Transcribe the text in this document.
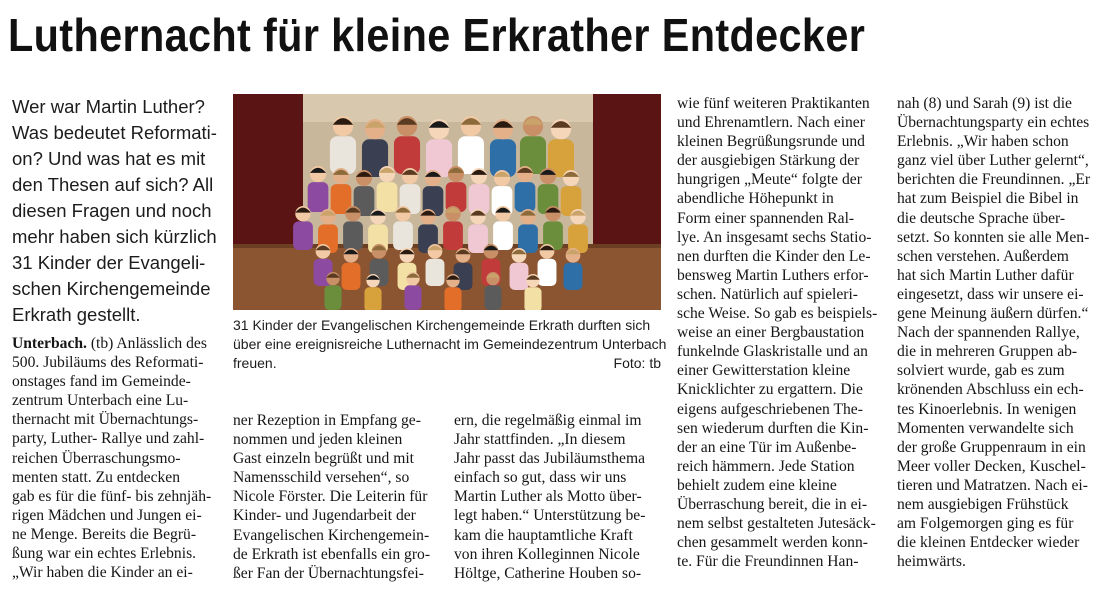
Luthernacht für kleine Erkrather Entdecker
Wer war Martin Luther?
Was bedeutet Reformati-
on? Und was hat es mit
den Thesen auf sich? All
diesen Fragen und noch
mehr haben sich kürzlich
31 Kinder der Evangeli-
schen Kirchengemeinde
Erkrath gestellt.	31 Kinder der Evangelischen Kirchengemeinde Erkrath durften sich
über eine ereignisreiche Luthernacht im Gemeindezentrum Unterbach
freuen.	Foto: tb
Unterbach. (tb) Anlässlich des
500. Jubiläums des Reformati-
onstages fand im Gemeinde-
zentrum Unterbach eine Lu-
thernacht mit Übernachtungs-
party, Luther- Rallye und zahl-
reichen Überraschungsmo-
menten statt. Zu entdecken
gab es für die fünf- bis zehnjäh-
rigen Mädchen und Jungen ei-
ne Menge. Bereits die Begrü-
ßung war ein echtes Erlebnis.
„Wir haben die Kinder an ei-
ner Rezeption in Empfang ge-
nommen und jeden kleinen
Gast einzeln begrüßt und mit
Namensschild versehen“, so
Nicole Förster. Die Leiterin für
Kinder- und Jugendarbeit der
Evangelischen Kirchengemein-
de Erkrath ist ebenfalls ein gro-
ßer Fan der Übernachtungsfei-
ern, die regelmäßig einmal im
Jahr stattfinden. „In diesem
Jahr passt das Jubiläumsthema
einfach so gut, dass wir uns
Martin Luther als Motto über-
legt haben.“ Unterstützung be-
kam die hauptamtliche Kraft
von ihren Kolleginnen Nicole
Höltge, Catherine Houben so-
wie fünf weiteren Praktikanten
und Ehrenamtlern. Nach einer
kleinen Begrüßungsrunde und
der ausgiebigen Stärkung der
hungrigen „Meute“ folgte der
abendliche Höhepunkt in
Form einer spannenden Ral-
lye. An insgesamt sechs Statio-
nen durften die Kinder den Le-
bensweg Martin Luthers erfor-
schen. Natürlich auf spieleri-
sche Weise. So gab es beispiels-
weise an einer Bergbaustation
funkelnde Glaskristalle und an
einer Gewitterstation kleine
Knicklichter zu ergattern. Die
eigens aufgeschriebenen The-
sen wiederum durften die Kin-
der an eine Tür im Außenbe-
reich hämmern. Jede Station
behielt zudem eine kleine
Überraschung bereit, die in ei-
nem selbst gestalteten Jutesäck-
chen gesammelt werden konn-
te. Für die Freundinnen Han-
nah (8) und Sarah (9) ist die
Übernachtungsparty ein echtes
Erlebnis. „Wir haben schon
ganz viel über Luther gelernt“,
berichten die Freundinnen. „Er
hat zum Beispiel die Bibel in
die deutsche Sprache über-
setzt. So konnten sie alle Men-
schen verstehen. Außerdem
hat sich Martin Luther dafür
eingesetzt, dass wir unsere ei-
gene Meinung äußern dürfen.“
Nach der spannenden Rallye,
die in mehreren Gruppen ab-
solviert wurde, gab es zum
krönenden Abschluss ein ech-
tes Kinoerlebnis. In wenigen
Momenten verwandelte sich
der große Gruppenraum in ein
Meer voller Decken, Kuschel-
tieren und Matratzen. Nach ei-
nem ausgiebigen Frühstück
am Folgemorgen ging es für
die kleinen Entdecker wieder
heimwärts.
